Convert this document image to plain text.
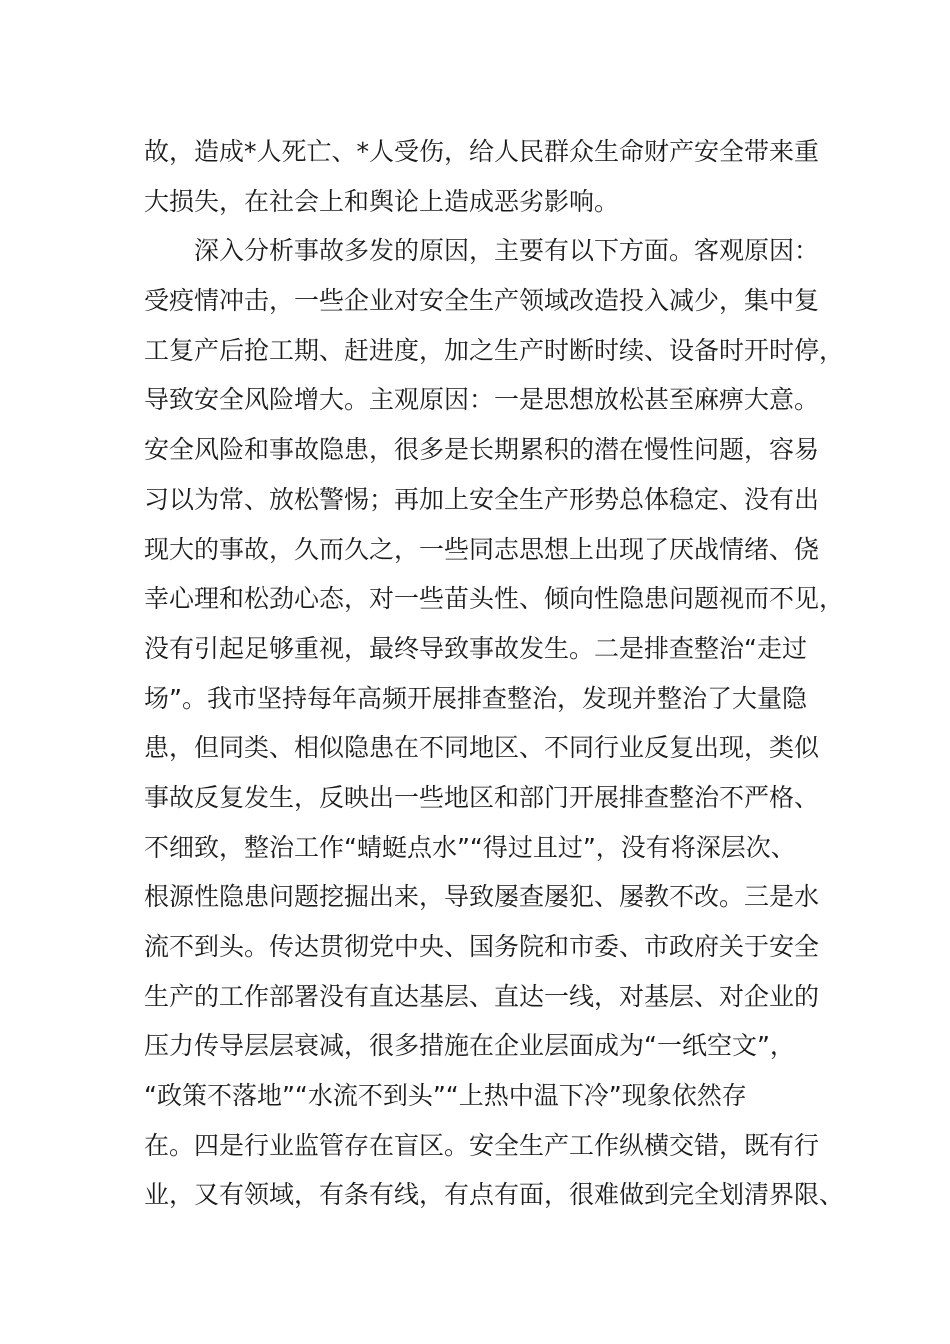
故，造成*人死亡、*人受伤，给人民群众生命财产安全带来重
大损失，在社会上和舆论上造成恶劣影响。
深入分析事故多发的原因，主要有以下方面。客观原因：
受疫情冲击，一些企业对安全生产领域改造投入减少，集中复
工复产后抢工期、赶进度，加之生产时断时续、设备时开时停，
导致安全风险增大。主观原因：一是思想放松甚至麻痹大意。
安全风险和事故隐患，很多是长期累积的潜在慢性问题，容易
习以为常、放松警惕；再加上安全生产形势总体稳定、没有出
现大的事故，久而久之，一些同志思想上出现了厌战情绪、侥
幸心理和松劲心态，对一些苗头性、倾向性隐患问题视而不见，
没有引起足够重视，最终导致事故发生。二是排查整治“走过
场”。我市坚持每年高频开展排查整治，发现并整治了大量隐
患，但同类、相似隐患在不同地区、不同行业反复出现，类似
事故反复发生，反映出一些地区和部门开展排查整治不严格、
不细致，整治工作“蜻蜓点水”“得过且过”，没有将深层次、
根源性隐患问题挖掘出来，导致屡查屡犯、屡教不改。三是水
流不到头。传达贯彻党中央、国务院和市委、市政府关于安全
生产的工作部署没有直达基层、直达一线，对基层、对企业的
压力传导层层衰减，很多措施在企业层面成为“一纸空文”，
“政策不落地”“水流不到头”“上热中温下冷”现象依然存
在。四是行业监管存在盲区。安全生产工作纵横交错，既有行
业，又有领域，有条有线，有点有面，很难做到完全划清界限、
